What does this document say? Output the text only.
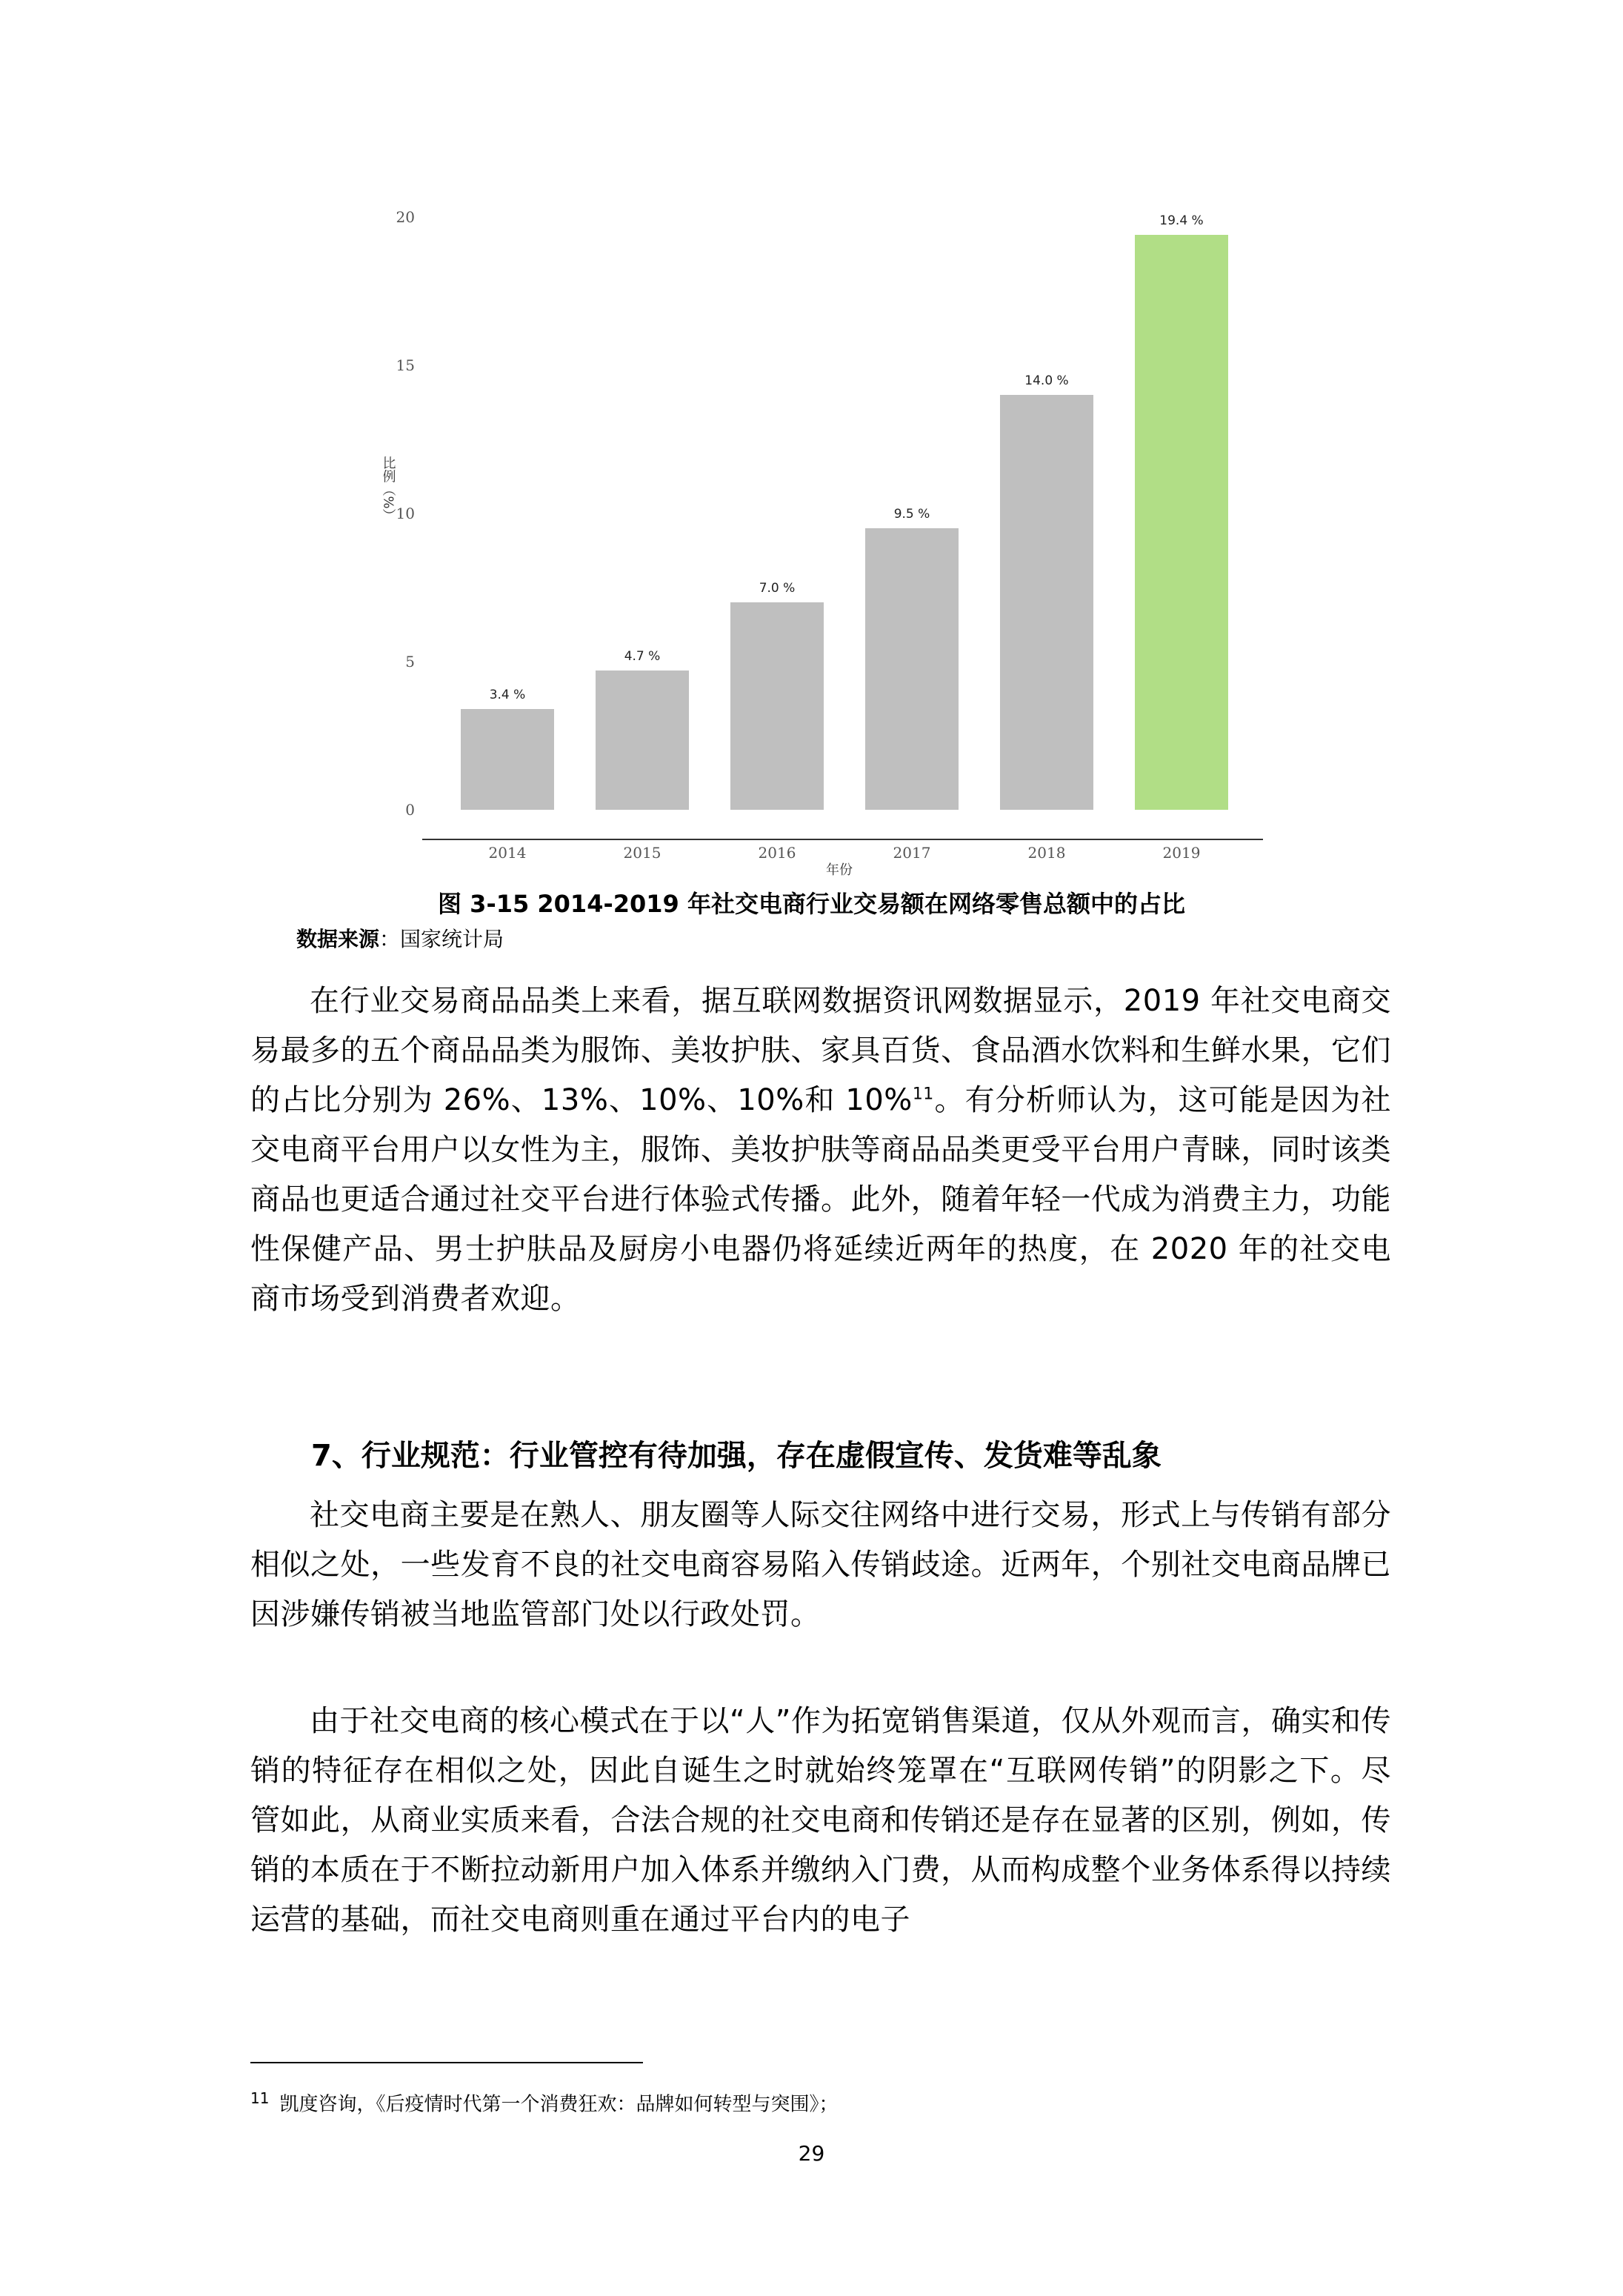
0
5
10
15
20
3.4 %
4.7 %
7.0 %
9.5 %
14.0 %
19.4 %
2014	2015	2016	2017	2018	2019
年份
比例（%）
图 3-15 2014-2019 年社交电商行业交易额在网络零售总额中的占比
数据来源：国家统计局

在行业交易商品品类上来看，据互联网数据资讯网数据显示，2019 年社交电商交易最多的五个商品品类为服饰、美妆护肤、家具百货、食品酒水饮料和生鲜水果，它们的占比分别为 26%、13%、10%、10%和 10%$^{11}$。有分析师认为，这可能是因为社交电商平台用户以女性为主，服饰、美妆护肤等商品品类更受平台用户青睐，同时该类商品也更适合通过社交平台进行体验式传播。此外，随着年轻一代成为消费主力，功能性保健产品、男士护肤品及厨房小电器仍将延续近两年的热度，在 2020 年的社交电商市场受到消费者欢迎。

7、行业规范：行业管控有待加强，存在虚假宣传、发货难等乱象

社交电商主要是在熟人、朋友圈等人际交往网络中进行交易，形式上与传销有部分相似之处，一些发育不良的社交电商容易陷入传销歧途。近两年，个别社交电商品牌已因涉嫌传销被当地监管部门处以行政处罚。

由于社交电商的核心模式在于以“人”作为拓宽销售渠道，仅从外观而言，确实和传销的特征存在相似之处，因此自诞生之时就始终笼罩在“互联网传销”的阴影之下。尽管如此，从商业实质来看，合法合规的社交电商和传销还是存在显著的区别，例如，传销的本质在于不断拉动新用户加入体系并缴纳入门费，从而构成整个业务体系得以持续运营的基础，而社交电商则重在通过平台内的电子

$^{11}$ 凯度咨询，《后疫情时代第一个消费狂欢：品牌如何转型与突围》；
29
